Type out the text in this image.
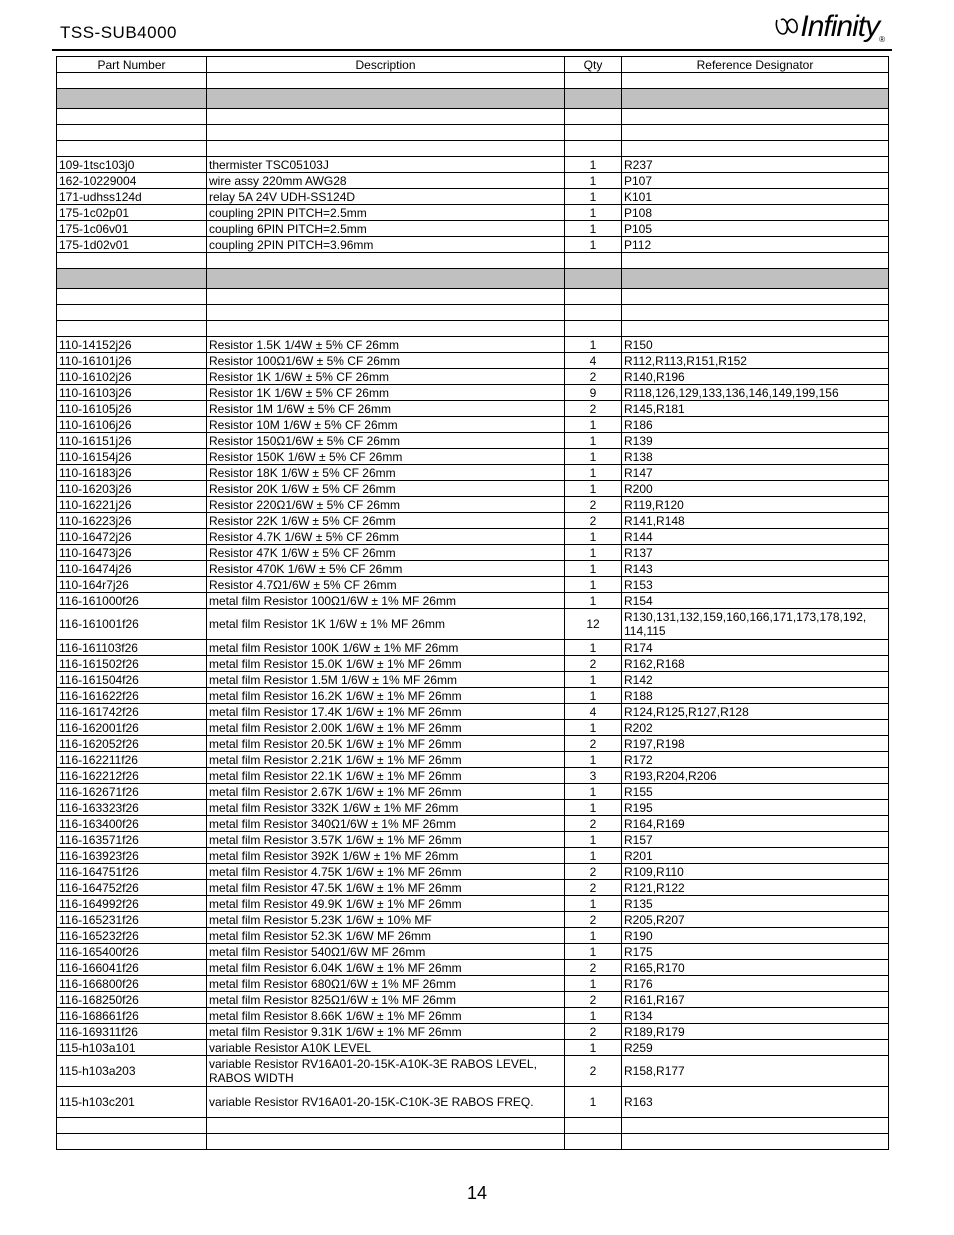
TSS-SUB4000	Infinity®
Part Number	Description	Qty	Reference Designator

109-1tsc103j0	thermister TSC05103J	1	R237
162-10229004	wire assy 220mm AWG28	1	P107
171-udhss124d	relay 5A 24V UDH-SS124D	1	K101
175-1c02p01	coupling 2PIN PITCH=2.5mm	1	P108
175-1c06v01	coupling 6PIN PITCH=2.5mm	1	P105
175-1d02v01	coupling 2PIN PITCH=3.96mm	1	P112

110-14152j26	Resistor 1.5K 1/4W ± 5% CF 26mm	1	R150
110-16101j26	Resistor 100Ω1/6W ± 5% CF 26mm	4	R112,R113,R151,R152
110-16102j26	Resistor 1K 1/6W ± 5% CF 26mm	2	R140,R196
110-16103j26	Resistor 1K 1/6W ± 5% CF 26mm	9	R118,126,129,133,136,146,149,199,156
110-16105j26	Resistor 1M 1/6W ± 5% CF 26mm	2	R145,R181
110-16106j26	Resistor 10M 1/6W ± 5% CF 26mm	1	R186
110-16151j26	Resistor 150Ω1/6W ± 5% CF 26mm	1	R139
110-16154j26	Resistor 150K 1/6W ± 5% CF 26mm	1	R138
110-16183j26	Resistor 18K 1/6W ± 5% CF 26mm	1	R147
110-16203j26	Resistor 20K 1/6W ± 5% CF 26mm	1	R200
110-16221j26	Resistor 220Ω1/6W ± 5% CF 26mm	2	R119,R120
110-16223j26	Resistor 22K 1/6W ± 5% CF 26mm	2	R141,R148
110-16472j26	Resistor 4.7K 1/6W ± 5% CF 26mm	1	R144
110-16473j26	Resistor 47K 1/6W ± 5% CF 26mm	1	R137
110-16474j26	Resistor 470K 1/6W ± 5% CF 26mm	1	R143
110-164r7j26	Resistor 4.7Ω1/6W ± 5% CF 26mm	1	R153
116-161000f26	metal film Resistor 100Ω1/6W ± 1% MF 26mm	1	R154
116-161001f26	metal film Resistor 1K 1/6W ± 1% MF 26mm	12	R130,131,132,159,160,166,171,173,178,192, 114,115
116-161103f26	metal film Resistor 100K 1/6W ± 1% MF 26mm	1	R174
116-161502f26	metal film Resistor 15.0K 1/6W ± 1% MF 26mm	2	R162,R168
116-161504f26	metal film Resistor 1.5M 1/6W ± 1% MF 26mm	1	R142
116-161622f26	metal film Resistor 16.2K 1/6W ± 1% MF 26mm	1	R188
116-161742f26	metal film Resistor 17.4K 1/6W ± 1% MF 26mm	4	R124,R125,R127,R128
116-162001f26	metal film Resistor 2.00K 1/6W ± 1% MF 26mm	1	R202
116-162052f26	metal film Resistor 20.5K 1/6W ± 1% MF 26mm	2	R197,R198
116-162211f26	metal film Resistor 2.21K 1/6W ± 1% MF 26mm	1	R172
116-162212f26	metal film Resistor 22.1K 1/6W ± 1% MF 26mm	3	R193,R204,R206
116-162671f26	metal film Resistor 2.67K 1/6W ± 1% MF 26mm	1	R155
116-163323f26	metal film Resistor 332K 1/6W ± 1% MF 26mm	1	R195
116-163400f26	metal film Resistor 340Ω1/6W ± 1% MF 26mm	2	R164,R169
116-163571f26	metal film Resistor 3.57K 1/6W ± 1% MF 26mm	1	R157
116-163923f26	metal film Resistor 392K 1/6W ± 1% MF 26mm	1	R201
116-164751f26	metal film Resistor 4.75K 1/6W ± 1% MF 26mm	2	R109,R110
116-164752f26	metal film Resistor 47.5K 1/6W ± 1% MF 26mm	2	R121,R122
116-164992f26	metal film Resistor 49.9K 1/6W ± 1% MF 26mm	1	R135
116-165231f26	metal film Resistor 5.23K 1/6W ± 10% MF	2	R205,R207
116-165232f26	metal film Resistor 52.3K 1/6W MF 26mm	1	R190
116-165400f26	metal film Resistor 540Ω1/6W MF 26mm	1	R175
116-166041f26	metal film Resistor 6.04K 1/6W ± 1% MF 26mm	2	R165,R170
116-166800f26	metal film Resistor 680Ω1/6W ± 1% MF 26mm	1	R176
116-168250f26	metal film Resistor 825Ω1/6W ± 1% MF 26mm	2	R161,R167
116-168661f26	metal film Resistor 8.66K 1/6W ± 1% MF 26mm	1	R134
116-169311f26	metal film Resistor 9.31K 1/6W ± 1% MF 26mm	2	R189,R179
115-h103a101	variable Resistor A10K LEVEL	1	R259
115-h103a203	variable Resistor RV16A01-20-15K-A10K-3E RABOS LEVEL, RABOS WIDTH	2	R158,R177
115-h103c201	variable Resistor RV16A01-20-15K-C10K-3E RABOS FREQ.	1	R163

14
